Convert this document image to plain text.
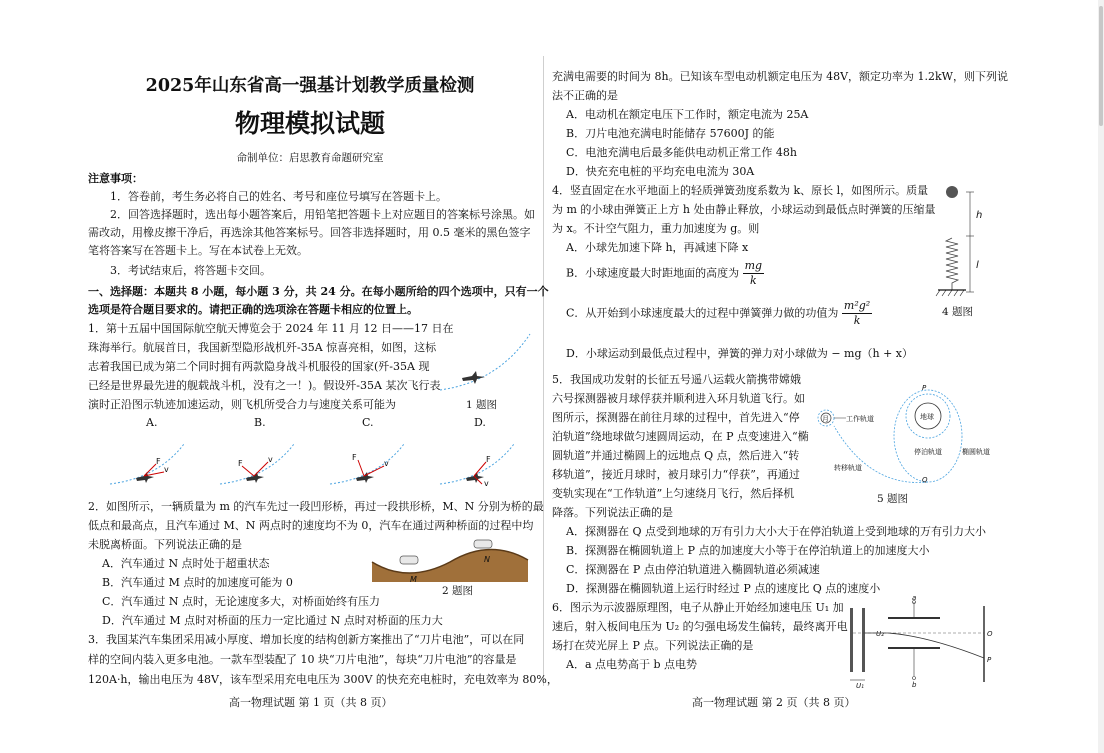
2025年山东省高一强基计划教学质量检测
物理模拟试题
命制单位：启思教育命题研究室
注意事项：
1．答卷前，考生务必将自己的姓名、考号和座位号填写在答题卡上。
2．回答选择题时，选出每小题答案后，用铅笔把答题卡上对应题目的答案标号涂黑。如
需改动，用橡皮擦干净后，再选涂其他答案标号。回答非选择题时，用 0.5 毫米的黑色签字
笔将答案写在答题卡上。写在本试卷上无效。
3．考试结束后，将答题卡交回。
一、选择题：本题共 8 小题，每小题 3 分，共 24 分。在每小题所给的四个选项中，只有一个
选项是符合题目要求的。请把正确的选项涂在答题卡相应的位置上。
1．第十五届中国国际航空航天博览会于 2024 年 11 月 12 日——17 日在
珠海举行。航展首日，我国新型隐形战机歼-35A 惊喜亮相，如图，这标
志着我国已成为第二个同时拥有两款隐身战斗机服役的国家(歼-35A 现
已经是世界最先进的舰载战斗机，没有之一！)。假设歼-35A 某次飞行表
演时正沿图示轨迹加速运动，则飞机所受合力与速度关系可能为	1 题图
A.	B.	C.	D.
F
v
v
F
F
v	F
v
2．如图所示，一辆质量为 m 的汽车先过一段凹形桥，再过一段拱形桥，M、N 分别为桥的最
低点和最高点，且汽车通过 M、N 两点时的速度均不为 0，汽车在通过两种桥面的过程中均
未脱离桥面。下列说法正确的是
A．汽车通过 N 点时处于超重状态
B．汽车通过 M 点时的加速度可能为 0
C．汽车通过 N 点时，无论速度多大，对桥面始终有压力
D．汽车通过 M 点时对桥面的压力一定比通过 N 点时对桥面的压力大
M
N
2 题图
3．我国某汽车集团采用减小厚度、增加长度的结构创新方案推出了“刀片电池”，可以在同
样的空间内装入更多电池。一款车型装配了 10 块“刀片电池”，每块“刀片电池”的容量是
120A·h，输出电压为 48V，该车型采用充电电压为 300V 的快充充电桩时，充电效率为 80%，
高一物理试题 第 1 页（共 8 页）
充满电需要的时间为 8h。已知该车型电动机额定电压为 48V，额定功率为 1.2kW，则下列说
法不正确的是
A．电动机在额定电压下工作时，额定电流为 25A
B．刀片电池充满电时能储存 57600J 的能
C．电池充满电后最多能供电动机正常工作 48h
D．快充充电桩的平均充电电流为 30A
4．竖直固定在水平地面上的轻质弹簧劲度系数为 k、原长 l，如图所示。质量
为 m 的小球由弹簧正上方 h 处由静止释放，小球运动到最低点时弹簧的压缩量
为 x。不计空气阻力，重力加速度为 g。则
A．小球先加速下降 h，再减速下降 x
B．小球速度最大时距地面的高度为 $\frac{mg}{k}$
C．从开始到小球速度最大的过程中弹簧弹力做的功值为 $\frac{\text{m²g²}}{k}$
D．小球运动到最低点过程中，弹簧的弹力对小球做为 − mg（h + x）
h
l
4 题图
5．我国成功发射的长征五号遥八运载火箭携带嫦娥
六号探测器被月球俘获并顺利进入环月轨道飞行。如
图所示，探测器在前往月球的过程中，首先进入“停
泊轨道”绕地球做匀速圆周运动，在 P 点变速进入“椭
圆轨道”并通过椭圆上的远地点 Q 点，然后进入“转
移轨道”，接近月球时，被月球引力“俘获”，再通过
变轨实现在“工作轨道”上匀速绕月飞行，然后择机
降落。下列说法正确的是
月 工作轨道	地球
P
Q
停泊轨道	椭圆轨道
转移轨道
5 题图
A．探测器在 Q 点受到地球的万有引力大小大于在停泊轨道上受到地球的万有引力大小
B．探测器在椭圆轨道上 P 点的加速度大小等于在停泊轨道上的加速度大小
C．探测器在 P 点由停泊轨道进入椭圆轨道必须减速
D．探测器在椭圆轨道上运行时经过 P 点的速度比 Q 点的速度小
6．图示为示波器原理图，电子从静止开始经加速电压 U₁ 加
速后，射入板间电压为 U₂ 的匀强电场发生偏转，最终离开电
场打在荧光屏上 P 点。下列说法正确的是
A．a 点电势高于 b 点电势
U₁
a
b
U₂	O
P
高一物理试题 第 2 页（共 8 页）
